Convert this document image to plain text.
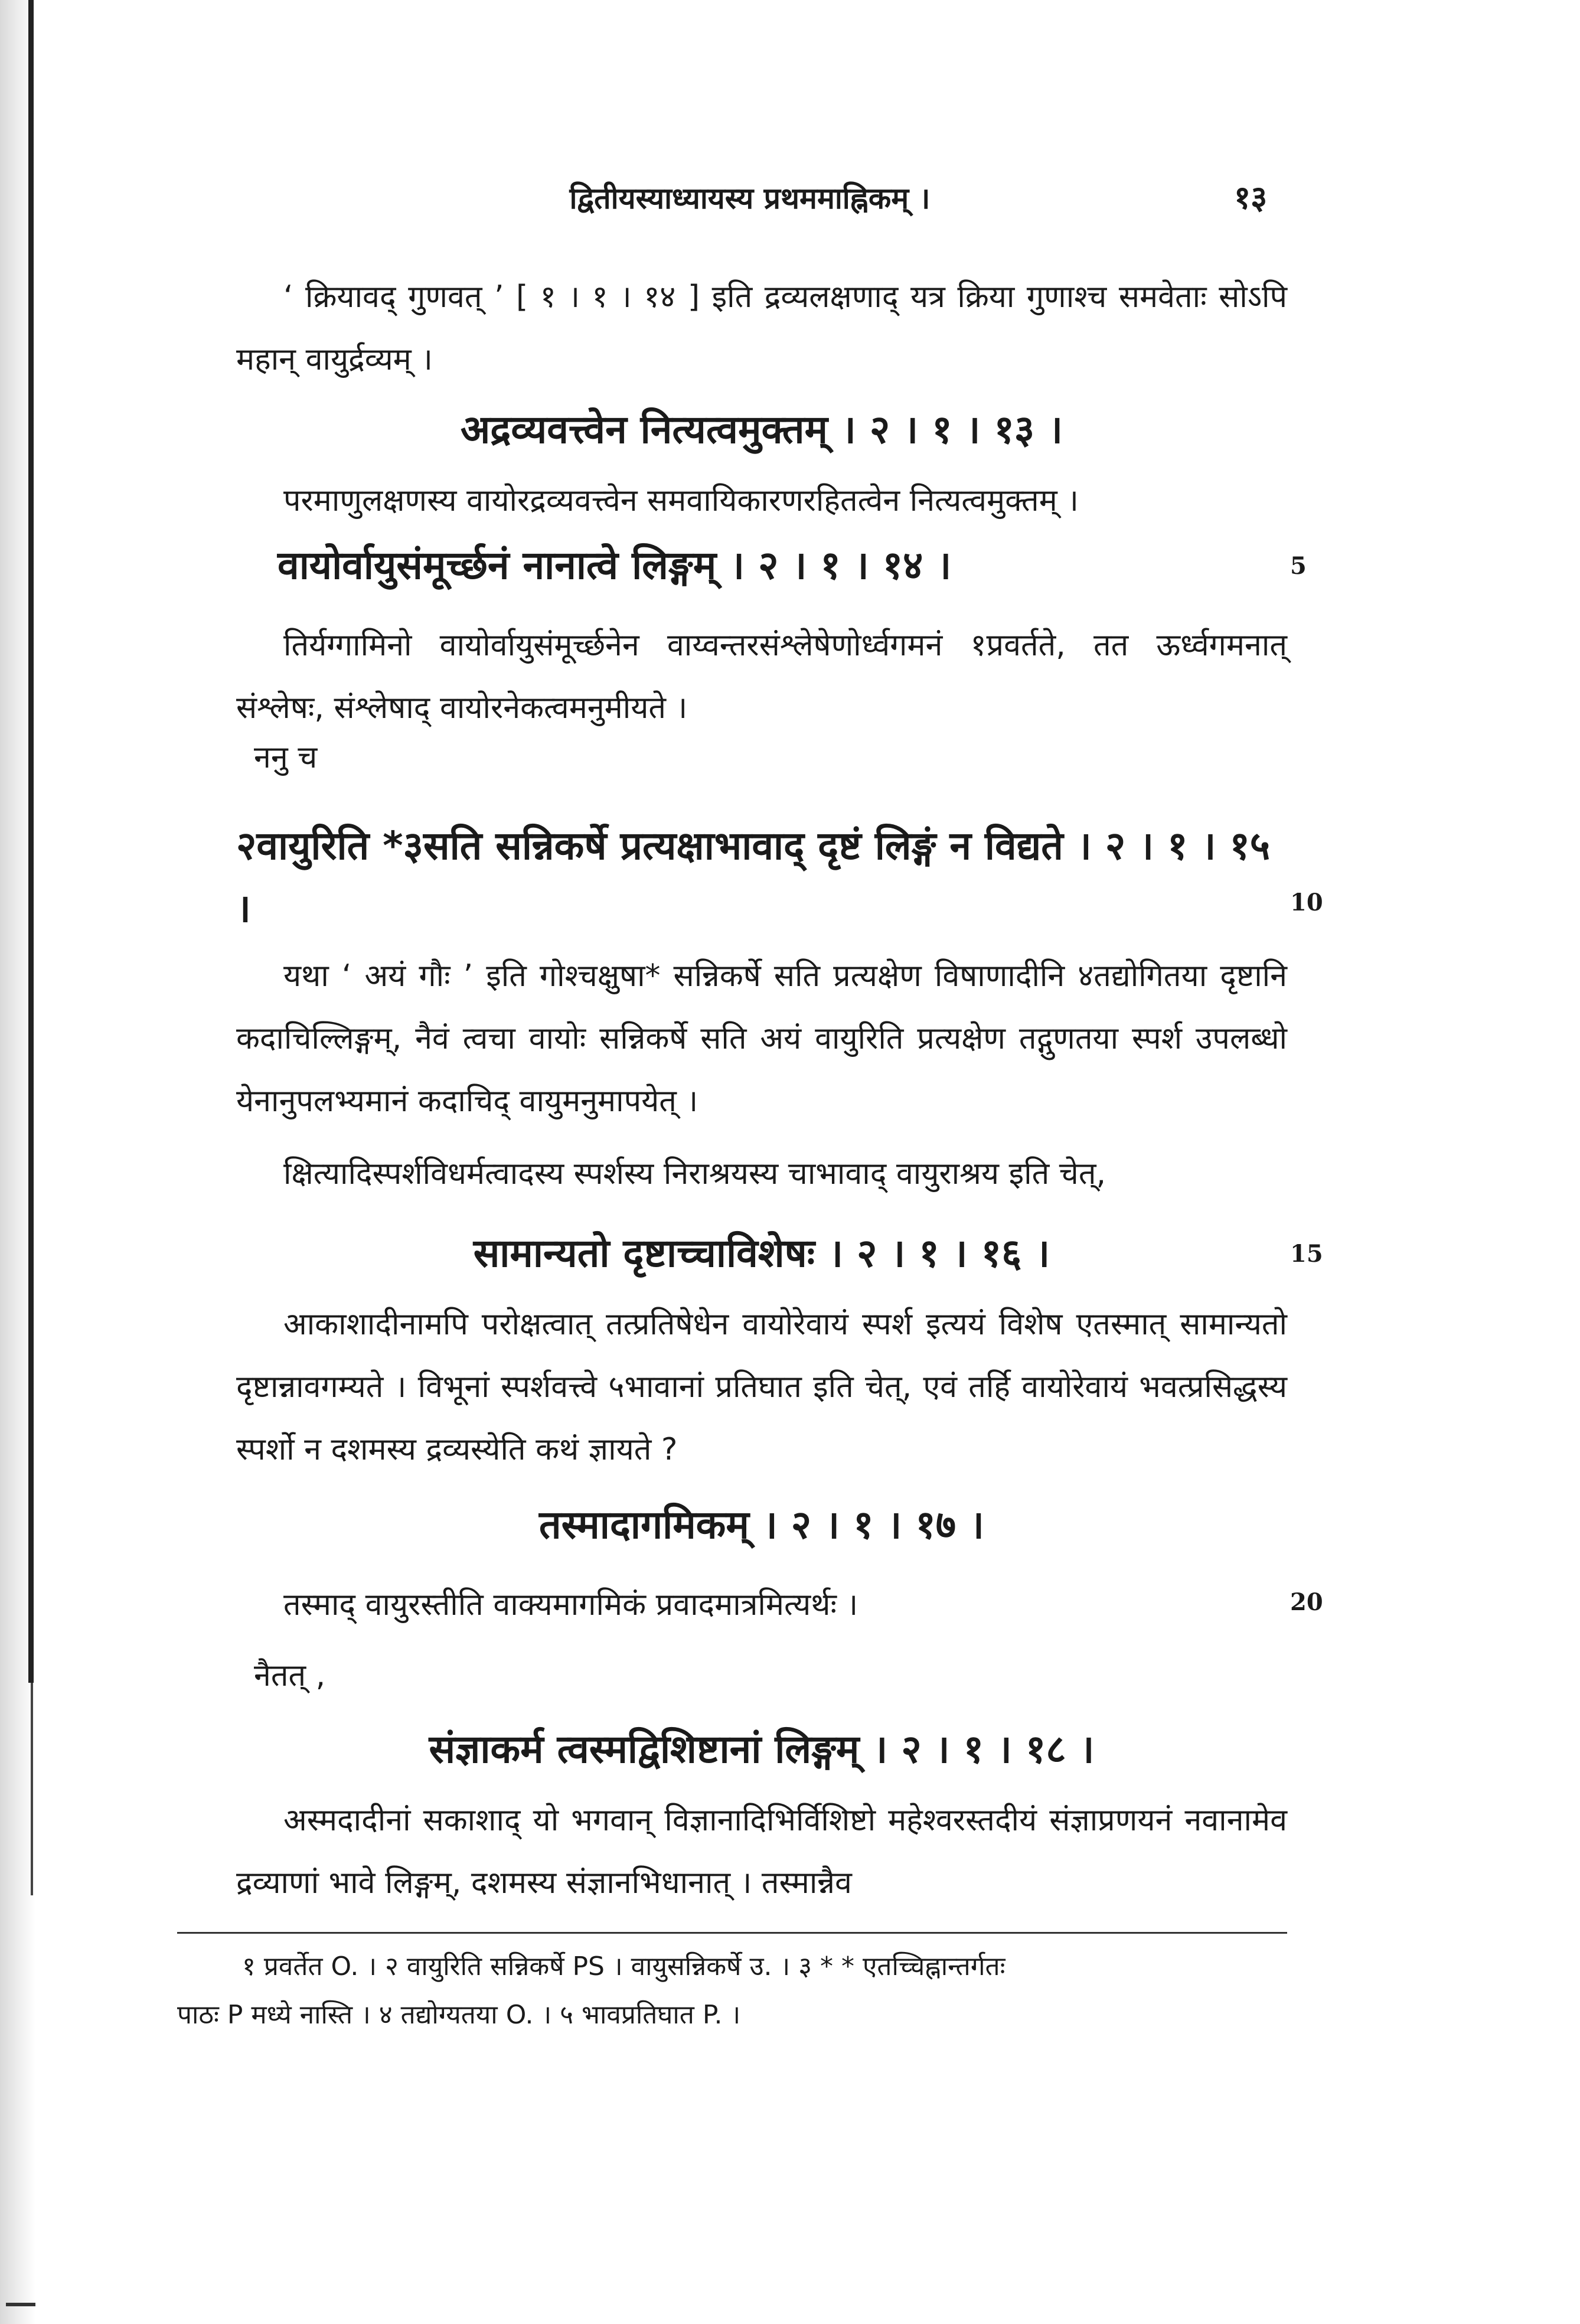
द्वितीयस्याध्यायस्य प्रथममाह्निकम् ।	१३
5
10
15
20
‘ क्रियावद् गुणवत् ’ [ १ । १ । १४ ] इति द्रव्यलक्षणाद् यत्र क्रिया गुणाश्च समवेताः सोऽपि महान् वायुर्द्रव्यम् ।
अद्रव्यवत्त्वेन नित्यत्वमुक्तम् । २ । १ । १३ ।
परमाणुलक्षणस्य वायोरद्रव्यवत्त्वेन समवायिकारणरहितत्वेन नित्यत्वमुक्तम् ।
वायोर्वायुसंमूर्च्छनं नानात्वे लिङ्गम् । २ । १ । १४ ।
तिर्यग्गामिनो वायोर्वायुसंमूर्च्छनेन वाय्वन्तरसंश्लेषेणोर्ध्वगमनं १प्रवर्तते, तत ऊर्ध्वगमनात् संश्लेषः, संश्लेषाद् वायोरनेकत्वमनुमीयते ।
ननु च
२वायुरिति *३सति सन्निकर्षे प्रत्यक्षाभावाद् दृष्टं लिङ्गं न विद्यते । २ । १ । १५ ।
यथा ‘ अयं गौः ’ इति गोश्चक्षुषा* सन्निकर्षे सति प्रत्यक्षेण विषाणादीनि ४तद्योगितया दृष्टानि कदाचिल्लिङ्गम्, नैवं त्वचा वायोः सन्निकर्षे सति अयं वायुरिति प्रत्यक्षेण तद्गुणतया स्पर्श उपलब्धो येनानुपलभ्यमानं कदाचिद् वायुमनुमापयेत् ।
क्षित्यादिस्पर्शविधर्मत्वादस्य स्पर्शस्य निराश्रयस्य चाभावाद् वायुराश्रय इति चेत्,
सामान्यतो दृष्टाच्चाविशेषः । २ । १ । १६ ।
आकाशादीनामपि परोक्षत्वात् तत्प्रतिषेधेन वायोरेवायं स्पर्श इत्ययं विशेष एतस्मात् सामान्यतो दृष्टान्नावगम्यते । विभूनां स्पर्शवत्त्वे ५भावानां प्रतिघात इति चेत्, एवं तर्हि वायोरेवायं भवत्प्रसिद्धस्य स्पर्शो न दशमस्य द्रव्यस्येति कथं ज्ञायते ?
तस्मादागमिकम् । २ । १ । १७ ।
तस्माद् वायुरस्तीति वाक्यमागमिकं प्रवादमात्रमित्यर्थः ।
नैतत् ,
संज्ञाकर्म त्वस्मद्विशिष्टानां लिङ्गम् । २ । १ । १८ ।
अस्मदादीनां सकाशाद् यो भगवान् विज्ञानादिभिर्विशिष्टो महेश्वरस्तदीयं संज्ञाप्रणयनं नवानामेव द्रव्याणां भावे लिङ्गम्, दशमस्य संज्ञानभिधानात् । तस्मान्नैव
१ प्रवर्तेत O. । २ वायुरिति सन्निकर्षे PS । वायुसन्निकर्षे उ. । ३ * * एतच्चिह्नान्तर्गतः
पाठः P मध्ये नास्ति । ४ तद्योग्यतया O. । ५ भावप्रतिघात P. ।
